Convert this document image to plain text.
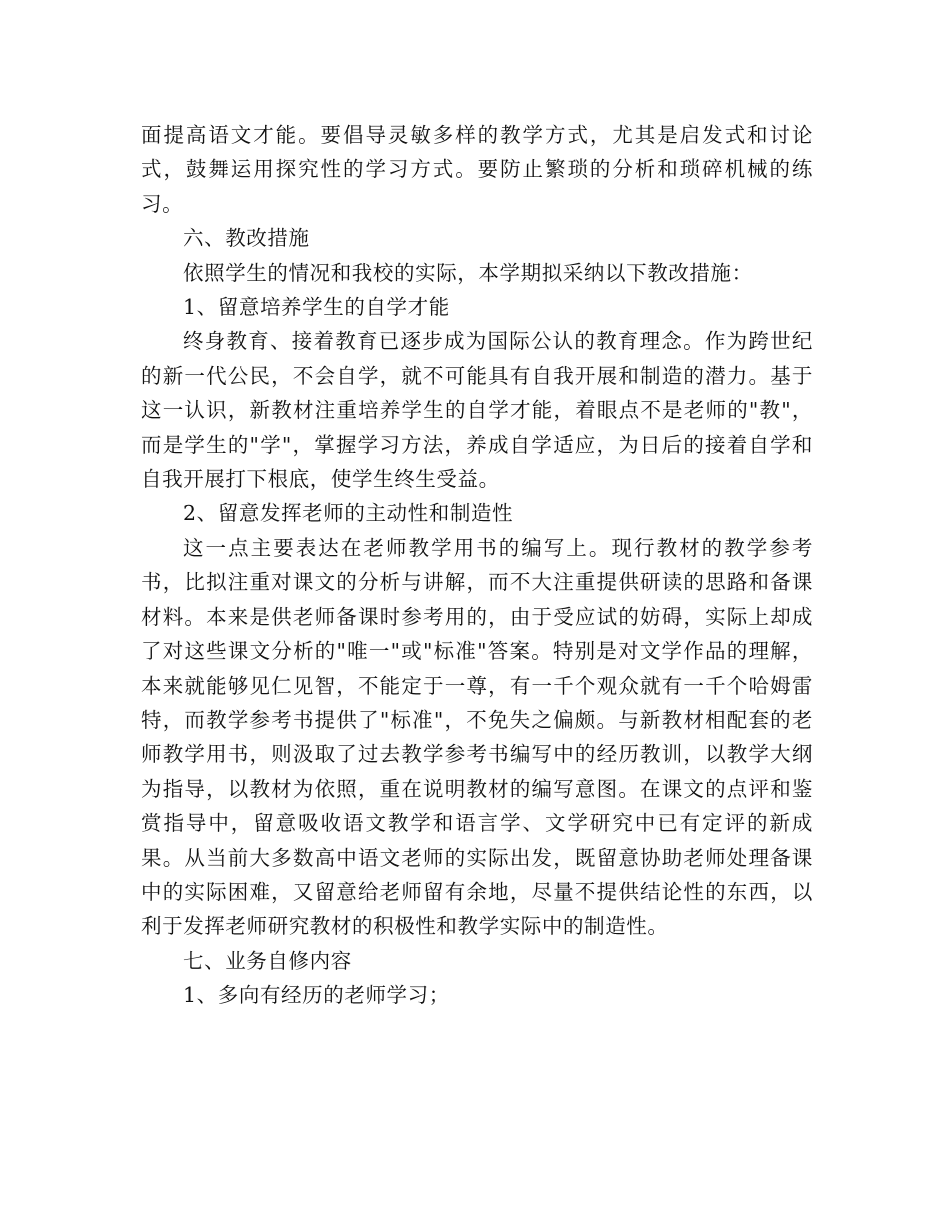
面提高语文才能。要倡导灵敏多样的教学方式，尤其是启发式和讨论式，鼓舞运用探究性的学习方式。要防止繁琐的分析和琐碎机械的练习。

六、教改措施

依照学生的情况和我校的实际，本学期拟采纳以下教改措施：

1、留意培养学生的自学才能

终身教育、接着教育已逐步成为国际公认的教育理念。作为跨世纪的新一代公民，不会自学，就不可能具有自我开展和制造的潜力。基于这一认识，新教材注重培养学生的自学才能，着眼点不是老师的"教"，而是学生的"学"，掌握学习方法，养成自学适应，为日后的接着自学和自我开展打下根底，使学生终生受益。

2、留意发挥老师的主动性和制造性

这一点主要表达在老师教学用书的编写上。现行教材的教学参考书，比拟注重对课文的分析与讲解，而不大注重提供研读的思路和备课材料。本来是供老师备课时参考用的，由于受应试的妨碍，实际上却成了对这些课文分析的"唯一"或"标准"答案。特别是对文学作品的理解，本来就能够见仁见智，不能定于一尊，有一千个观众就有一千个哈姆雷特，而教学参考书提供了"标准"，不免失之偏颇。与新教材相配套的老师教学用书，则汲取了过去教学参考书编写中的经历教训，以教学大纲为指导，以教材为依照，重在说明教材的编写意图。在课文的点评和鉴赏指导中，留意吸收语文教学和语言学、文学研究中已有定评的新成果。从当前大多数高中语文老师的实际出发，既留意协助老师处理备课中的实际困难，又留意给老师留有余地，尽量不提供结论性的东西，以利于发挥老师研究教材的积极性和教学实际中的制造性。

七、业务自修内容

1、多向有经历的老师学习；
